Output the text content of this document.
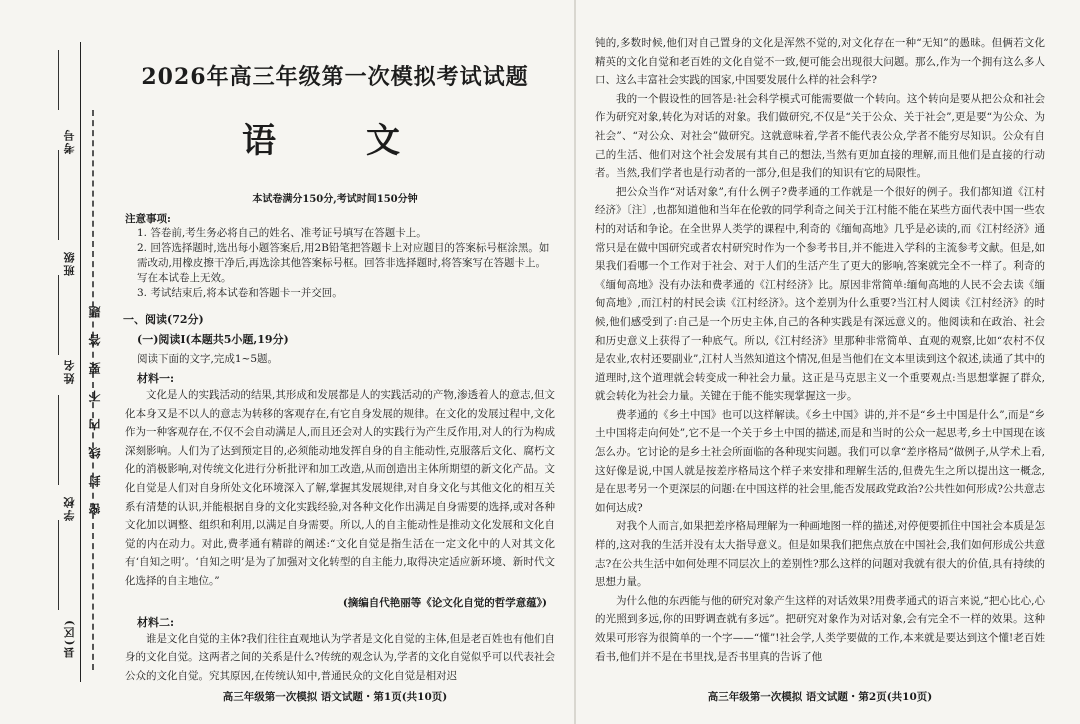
考号
班级
姓名
学校
县(区)
密 封 线 内 不 要 答 题
2026年高三年级第一次模拟考试试题
语　文
本试卷满分150分,考试时间150分钟
注意事项:
1. 答卷前,考生务必将自己的姓名、准考证号填写在答题卡上。
2. 回答选择题时,选出每小题答案后,用2B铅笔把答题卡上对应题目的答案标号框涂黑。如需改动,用橡皮擦干净后,再选涂其他答案标号框。回答非选择题时,将答案写在答题卡上。写在本试卷上无效。
3. 考试结束后,将本试卷和答题卡一并交回。
一、阅读(72分)
(一)阅读Ⅰ(本题共5小题,19分)
阅读下面的文字,完成1~5题。
材料一:
文化是人的实践活动的结果,其形成和发展都是人的实践活动的产物,渗透着人的意志,但文化本身又是不以人的意志为转移的客观存在,有它自身发展的规律。在文化的发展过程中,文化作为一种客观存在,不仅不会自动满足人,而且还会对人的实践行为产生反作用,对人的行为构成深刻影响。人们为了达到预定目的,必须能动地发挥自身的自主能动性,克服落后文化、腐朽文化的消极影响,对传统文化进行分析批评和加工改造,从而创造出主体所期望的新文化产品。文化自觉是人们对自身所处文化环境深入了解,掌握其发展规律,对自身文化与其他文化的相互关系有清楚的认识,并能根据自身的文化实践经验,对各种文化作出满足自身需要的选择,或对各种文化加以调整、组织和利用,以满足自身需要。所以,人的自主能动性是推动文化发展和文化自觉的内在动力。对此,费孝通有精辟的阐述:“文化自觉是指生活在一定文化中的人对其文化有‘自知之明’。‘自知之明’是为了加强对文化转型的自主能力,取得决定适应新环境、新时代文化选择的自主地位。”
(摘编自代艳丽等《论文化自觉的哲学意蕴》)
材料二:
谁是文化自觉的主体?我们往往直观地认为学者是文化自觉的主体,但是老百姓也有他们自身的文化自觉。这两者之间的关系是什么?传统的观念认为,学者的文化自觉似乎可以代表社会公众的文化自觉。究其原因,在传统认知中,普通民众的文化自觉是相对迟
高三年级第一次模拟 语文试题・第1页(共10页)
钝的,多数时候,他们对自己置身的文化是浑然不觉的,对文化存在一种“无知”的愚昧。但俩若文化精英的文化自觉和老百姓的文化自觉不一致,便可能会出现很大问题。那么,作为一个拥有这么多人口、这么丰富社会实践的国家,中国要发展什么样的社会科学?
我的一个假设性的回答是:社会科学模式可能需要做一个转向。这个转向是要从把公众和社会作为研究对象,转化为对话的对象。我们做研究,不仅是“关于公众、关于社会”,更是要“为公众、为社会”、“对公众、对社会”做研究。这就意味着,学者不能代表公众,学者不能穷尽知识。公众有自己的生活、他们对这个社会发展有其自己的想法,当然有更加直接的理解,而且他们是直接的行动者。当然,我们学者也是行动者的一部分,但是我们的知识有它的局限性。
把公众当作“对话对象”,有什么例子?费孝通的工作就是一个很好的例子。我们都知道《江村经济》〔注〕,也都知道他和当年在伦敦的同学利奇之间关于江村能不能在某些方面代表中国一些农村的对话和争论。在全世界人类学的课程中,利奇的《缅甸高地》几乎是必读的,而《江村经济》通常只是在做中国研究或者农村研究时作为一个参考书目,并不能进入学科的主流参考文献。但是,如果我们看哪一个工作对于社会、对于人们的生活产生了更大的影响,答案就完全不一样了。利奇的《缅甸高地》没有办法和费孝通的《江村经济》比。原因非常简单:缅甸高地的人民不会去读《缅甸高地》,而江村的村民会读《江村经济》。这个差别为什么重要?当江村人阅读《江村经济》的时候,他们感受到了:自己是一个历史主体,自己的各种实践是有深远意义的。他阅读和在政治、社会和历史意义上获得了一种底气。所以,《江村经济》里那种非常简单、直观的观察,比如“农村不仅是农业,农村还要副业”,江村人当然知道这个情况,但是当他们在文本里读到这个叙述,读通了其中的道理时,这个道理就会转变成一种社会力量。这正是马克思主义一个重要观点:当思想掌握了群众,就会转化为社会力量。关键在于能不能实现掌握这一步。
费孝通的《乡土中国》也可以这样解读。《乡土中国》讲的,并不是“乡土中国是什么”,而是“乡土中国将走向何处”,它不是一个关于乡土中国的描述,而是和当时的公众一起思考,乡土中国现在该怎么办。它讨论的是乡土社会所面临的各种现实问题。我们可以拿“差序格局”做例子,从学术上看,这好像是说,中国人就是按差序格局这个样子来安排和理解生活的,但费先生之所以提出这一概念,是在思考另一个更深层的问题:在中国这样的社会里,能否发展政党政治?公共性如何形成?公共意志如何达成?
对我个人而言,如果把差序格局理解为一种画地图一样的描述,对停便要抓住中国社会本质是怎样的,这对我的生活并没有太大指导意义。但是如果我们把焦点放在中国社会,我们如何形成公共意志?在公共生活中如何处理不同层次上的差别性?那么这样的问题对我就有很大的价值,具有持续的思想力量。
为什么他的东西能与他的研究对象产生这样的对话效果?用费孝通式的语言来说,“把心比心,心的光照到多远,你的田野调查就有多远”。把研究对象作为对话对象,会有完全不一样的效果。这种效果可形容为很简单的一个字——“懂”!社会学,人类学要做的工作,本来就是要达到这个懂!老百姓看书,他们并不是在书里找,是否书里真的告诉了他
高三年级第一次模拟 语文试题・第2页(共10页)
